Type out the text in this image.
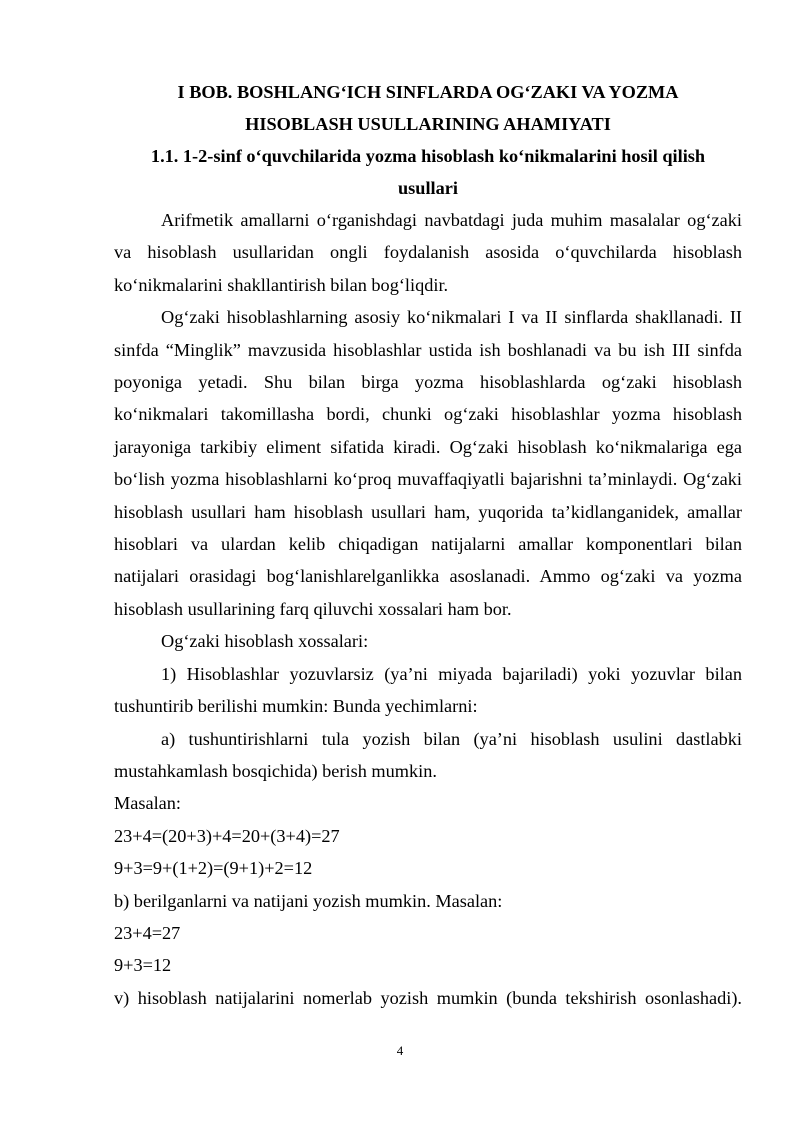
I BOB. BOSHLANG‘ICH SINFLARDA OG‘ZAKI VA YOZMA

HISOBLASH USULLARINING AHAMIYATI

1.1. 1-2-sinf o‘quvchilarida yozma hisoblash ko‘nikmalarini hosil qilish

usullari

Arifmetik amallarni o‘rganishdagi navbatdagi juda muhim masalalar og‘zaki va hisoblash usullaridan ongli foydalanish asosida o‘quvchilarda hisoblash ko‘nikmalarini shakllantirish bilan bog‘liqdir.

Og‘zaki hisoblashlarning asosiy ko‘nikmalari I va II sinflarda shakllanadi. II sinfda “Minglik” mavzusida hisoblashlar ustida ish boshlanadi va bu ish III sinfda poyoniga yetadi. Shu bilan birga yozma hisoblashlarda og‘zaki hisoblash ko‘nikmalari takomillasha bordi, chunki og‘zaki hisoblashlar yozma hisoblash jarayoniga tarkibiy eliment sifatida kiradi. Og‘zaki hisoblash ko‘nikmalariga ega bo‘lish yozma hisoblashlarni ko‘proq muvaffaqiyatli bajarishni ta’minlaydi. Og‘zaki hisoblash usullari ham hisoblash usullari ham, yuqorida ta’kidlanganidek, amallar hisoblari va ulardan kelib chiqadigan natijalarni amallar komponentlari bilan natijalari orasidagi bog‘lanishlarelganlikka asoslanadi. Ammo og‘zaki va yozma hisoblash usullarining farq qiluvchi xossalari ham bor.

Og‘zaki hisoblash xossalari:

1) Hisoblashlar yozuvlarsiz (ya’ni miyada bajariladi) yoki yozuvlar bilan tushuntirib berilishi mumkin: Bunda yechimlarni:

a) tushuntirishlarni tula yozish bilan (ya’ni hisoblash usulini dastlabki mustahkamlash bosqichida) berish mumkin.

Masalan:

23+4=(20+3)+4=20+(3+4)=27

9+3=9+(1+2)=(9+1)+2=12

b) berilganlarni va natijani yozish mumkin. Masalan:

23+4=27

9+3=12

v) hisoblash natijalarini nomerlab yozish mumkin (bunda tekshirish osonlashadi).

4
